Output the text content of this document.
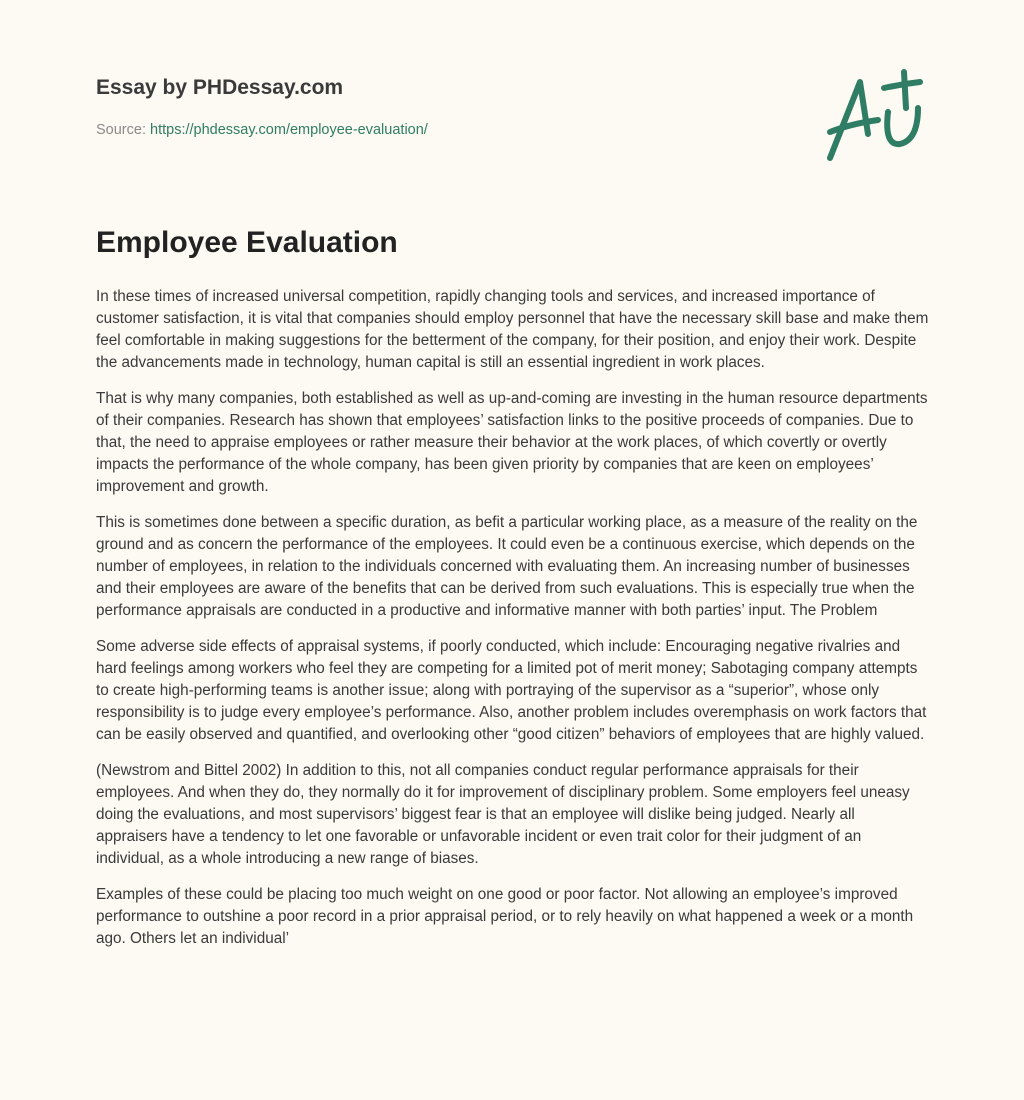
Essay by PHDessay.com

Source: https://phdessay.com/employee-evaluation/
Employee Evaluation

In these times of increased universal competition, rapidly changing tools and services, and increased importance of customer satisfaction, it is vital that companies should employ personnel that have the necessary skill base and make them feel comfortable in making suggestions for the betterment of the company, for their position, and enjoy their work. Despite the advancements made in technology, human capital is still an essential ingredient in work places.

That is why many companies, both established as well as up-and-coming are investing in the human resource departments of their companies. Research has shown that employees’ satisfaction links to the positive proceeds of companies. Due to that, the need to appraise employees or rather measure their behavior at the work places, of which covertly or overtly impacts the performance of the whole company, has been given priority by companies that are keen on employees’ improvement and growth.

This is sometimes done between a specific duration, as befit a particular working place, as a measure of the reality on the ground and as concern the performance of the employees. It could even be a continuous exercise, which depends on the number of employees, in relation to the individuals concerned with evaluating them. An increasing number of businesses and their employees are aware of the benefits that can be derived from such evaluations. This is especially true when the performance appraisals are conducted in a productive and informative manner with both parties’ input. The Problem

Some adverse side effects of appraisal systems, if poorly conducted, which include: Encouraging negative rivalries and hard feelings among workers who feel they are competing for a limited pot of merit money; Sabotaging company attempts to create high-performing teams is another issue; along with portraying of the supervisor as a “superior”, whose only responsibility is to judge every employee’s performance. Also, another problem includes overemphasis on work factors that can be easily observed and quantified, and overlooking other “good citizen” behaviors of employees that are highly valued.

(Newstrom and Bittel 2002) In addition to this, not all companies conduct regular performance appraisals for their employees. And when they do, they normally do it for improvement of disciplinary problem. Some employers feel uneasy doing the evaluations, and most supervisors’ biggest fear is that an employee will dislike being judged. Nearly all appraisers have a tendency to let one favorable or unfavorable incident or even trait color for their judgment of an individual, as a whole introducing a new range of biases.

Examples of these could be placing too much weight on one good or poor factor. Not allowing an employee’s improved performance to outshine a poor record in a prior appraisal period, or to rely heavily on what happened a week or a month ago. Others let an individual’
